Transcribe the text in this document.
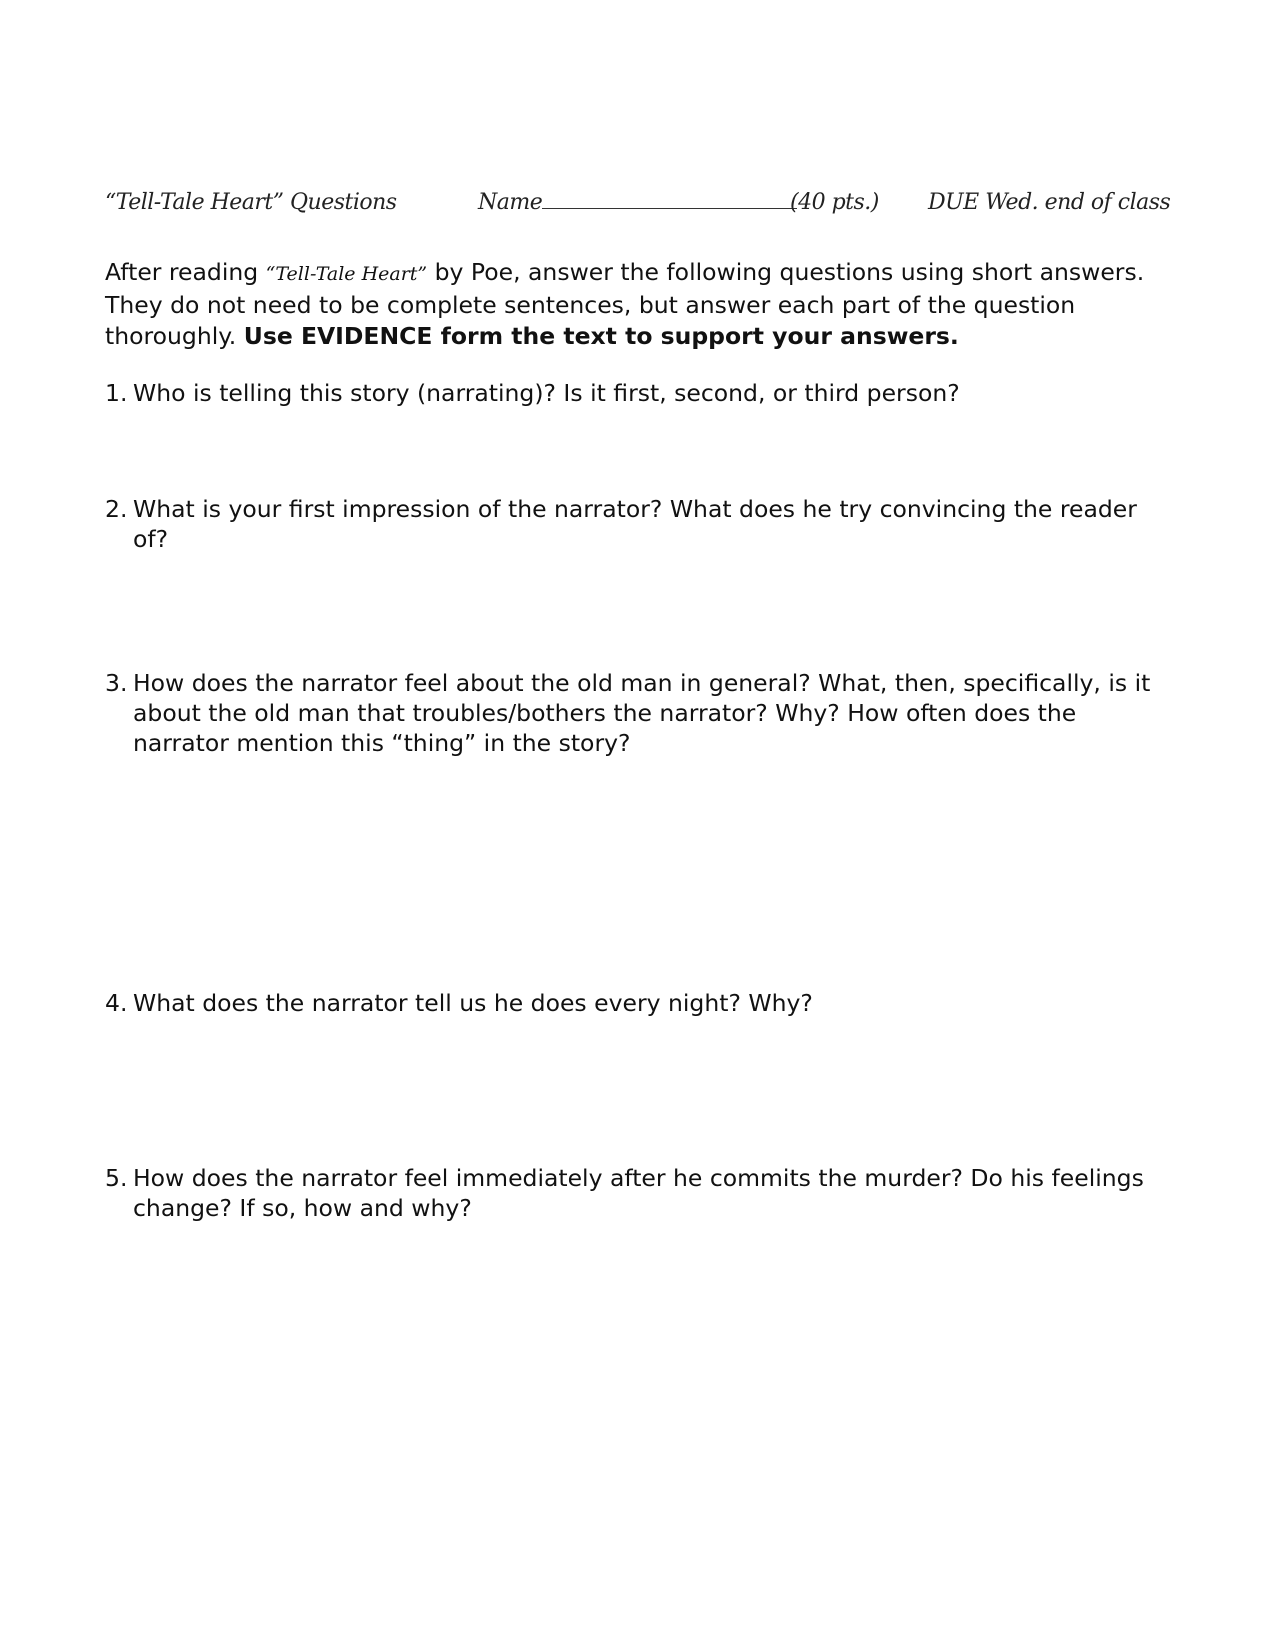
“Tell-Tale Heart” Questions	Name	(40 pts.) DUE Wed. end of class
After reading “Tell-Tale Heart” by Poe, answer the following questions using short answers. They do not need to be complete sentences, but answer each part of the question thoroughly. Use EVIDENCE form the text to support your answers.
1. Who is telling this story (narrating)? Is it first, second, or third person?
2. What is your first impression of the narrator? What does he try convincing the reader of?
3. How does the narrator feel about the old man in general? What, then, specifically, is it about the old man that troubles/bothers the narrator? Why? How often does the narrator mention this “thing” in the story?
4. What does the narrator tell us he does every night? Why?
5. How does the narrator feel immediately after he commits the murder? Do his feelings change? If so, how and why?
